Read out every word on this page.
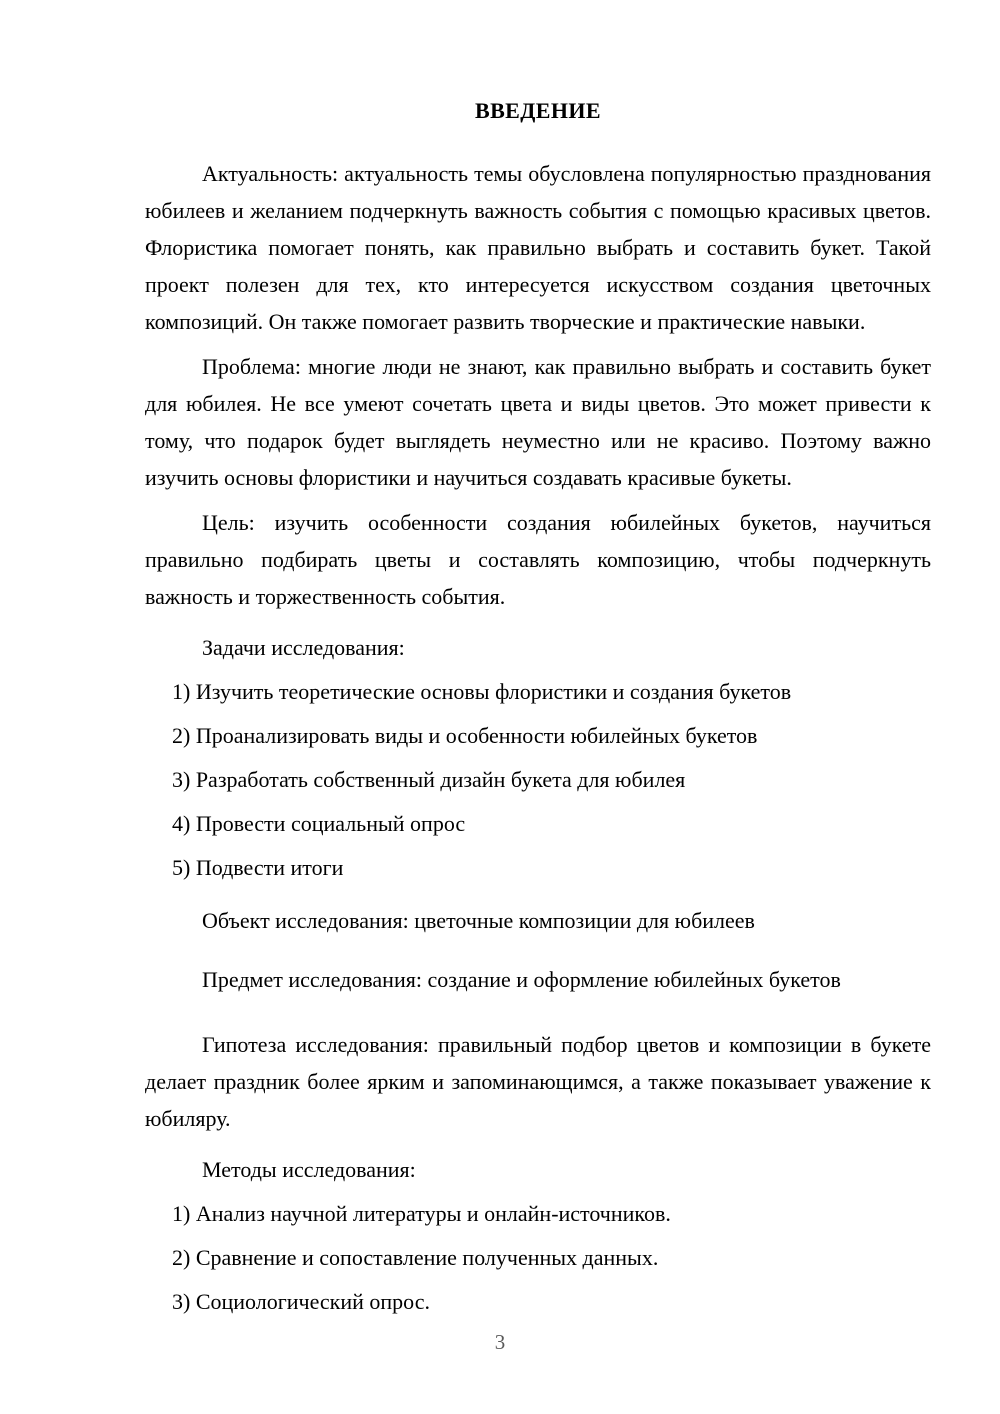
ВВЕДЕНИЕ

Актуальность: актуальность темы обусловлена популярностью празднования юбилеев и желанием подчеркнуть важность события с помощью красивых цветов. Флористика помогает понять, как правильно выбрать и составить букет. Такой проект полезен для тех, кто интересуется искусством создания цветочных композиций. Он также помогает развить творческие и практические навыки.

Проблема: многие люди не знают, как правильно выбрать и составить букет для юбилея. Не все умеют сочетать цвета и виды цветов. Это может привести к тому, что подарок будет выглядеть неуместно или не красиво. Поэтому важно изучить основы флористики и научиться создавать красивые букеты.

Цель: изучить особенности создания юбилейных букетов, научиться правильно подбирать цветы и составлять композицию, чтобы подчеркнуть важность и торжественность события.

Задачи исследования:

1) Изучить теоретические основы флористики и создания букетов
2) Проанализировать виды и особенности юбилейных букетов
3) Разработать собственный дизайн букета для юбилея
4) Провести социальный опрос
5) Подвести итоги

Объект исследования: цветочные композиции для юбилеев

Предмет исследования: создание и оформление юбилейных букетов

Гипотеза исследования: правильный подбор цветов и композиции в букете делает праздник более ярким и запоминающимся, а также показывает уважение к юбиляру.

Методы исследования:

1) Анализ научной литературы и онлайн-источников.
2) Сравнение и сопоставление полученных данных.
3) Социологический опрос.
3
